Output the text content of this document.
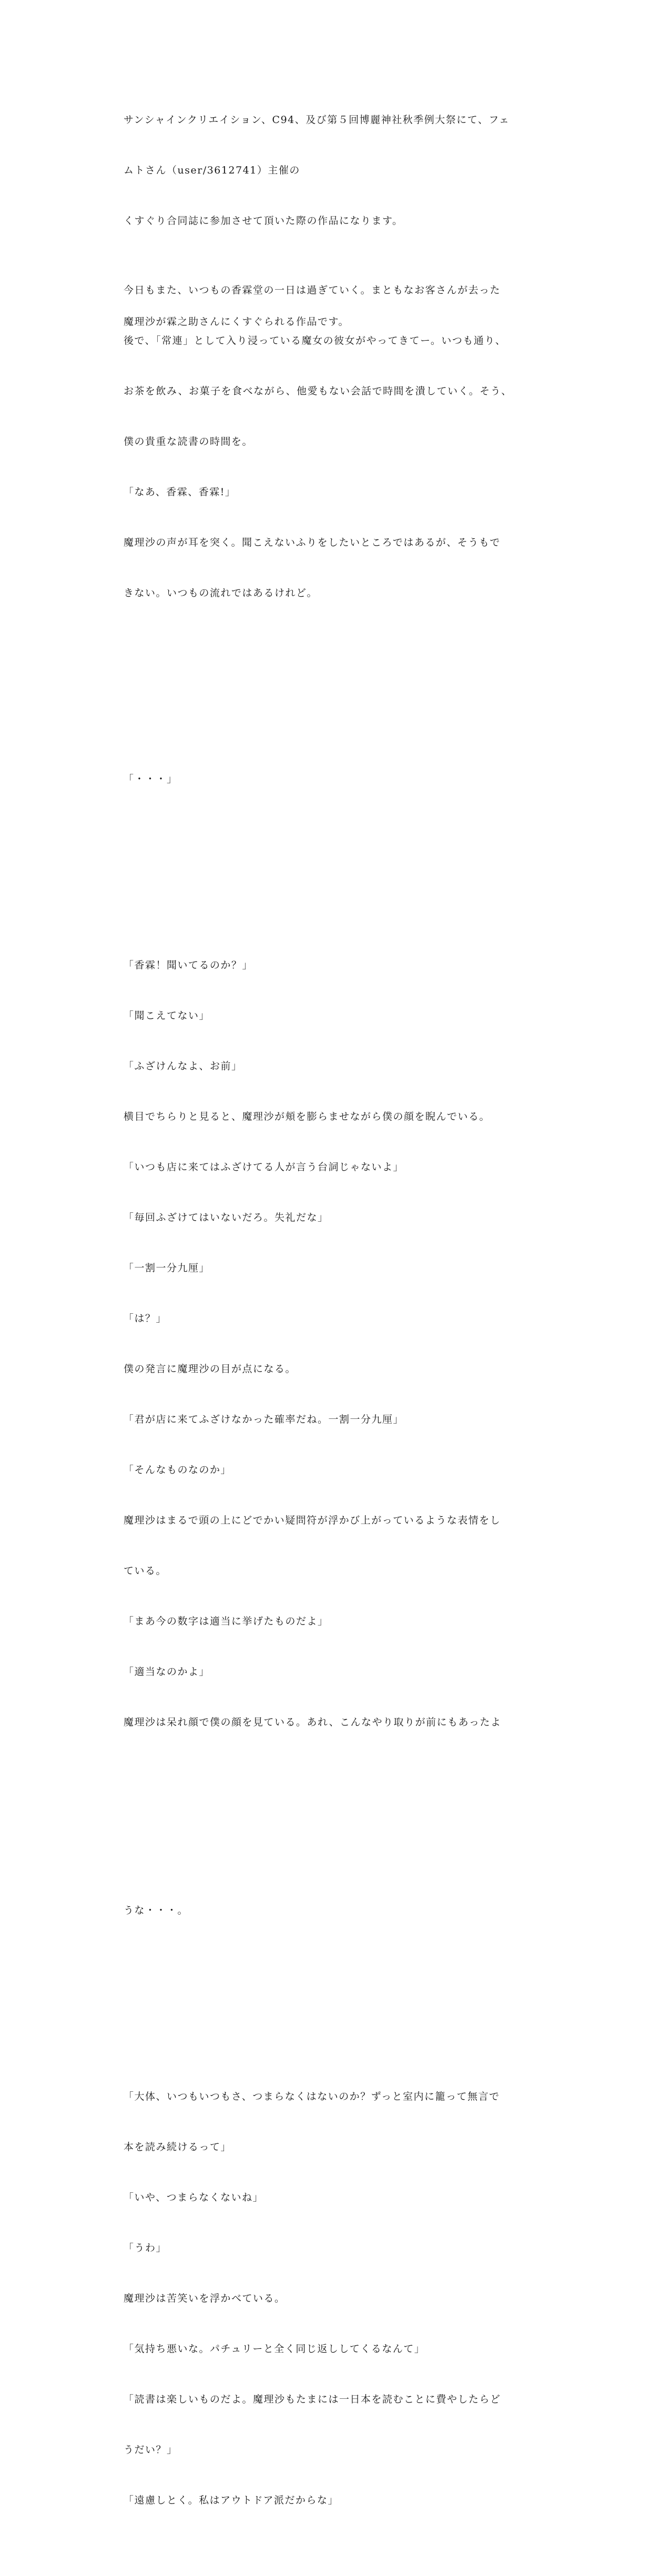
サンシャインクリエイション、C94、及び第５回博麗神社秋季例大祭にて、フェ

ムトさん（user/3612741）主催の

くすぐり合同誌に参加させて頂いた際の作品になります。

魔理沙が霖之助さんにくすぐられる作品です。

今日もまた、いつもの香霖堂の一日は過ぎていく。まともなお客さんが去った

後で、「常連」として入り浸っている魔女の彼女がやってきてー。いつも通り、

お茶を飲み、お菓子を食べながら、他愛もない会話で時間を潰していく。そう、

僕の貴重な読書の時間を。

「なあ、香霖、香霖!」

魔理沙の声が耳を突く。聞こえないふりをしたいところではあるが、そうもで

きない。いつもの流れではあるけれど。

「・・・」

「香霖！聞いてるのか？」

「聞こえてない」

「ふざけんなよ、お前」

横目でちらりと見ると、魔理沙が頬を膨らませながら僕の顔を睨んでいる。

「いつも店に来てはふざけてる人が言う台詞じゃないよ」

「毎回ふざけてはいないだろ。失礼だな」

「一割一分九厘」

「は？」

僕の発言に魔理沙の目が点になる。

「君が店に来てふざけなかった確率だね。一割一分九厘」

「そんなものなのか」

魔理沙はまるで頭の上にどでかい疑問符が浮かび上がっているような表情をし

ている。

「まあ今の数字は適当に挙げたものだよ」

「適当なのかよ」

魔理沙は呆れ顔で僕の顔を見ている。あれ、こんなやり取りが前にもあったよ

うな・・・。

「大体、いつもいつもさ、つまらなくはないのか？ずっと室内に籠って無言で

本を読み続けるって」

「いや、つまらなくないね」

「うわ」

魔理沙は苦笑いを浮かべている。

「気持ち悪いな。パチュリーと全く同じ返ししてくるなんて」

「読書は楽しいものだよ。魔理沙もたまには一日本を読むことに費やしたらど

うだい？」

「遠慮しとく。私はアウトドア派だからな」
